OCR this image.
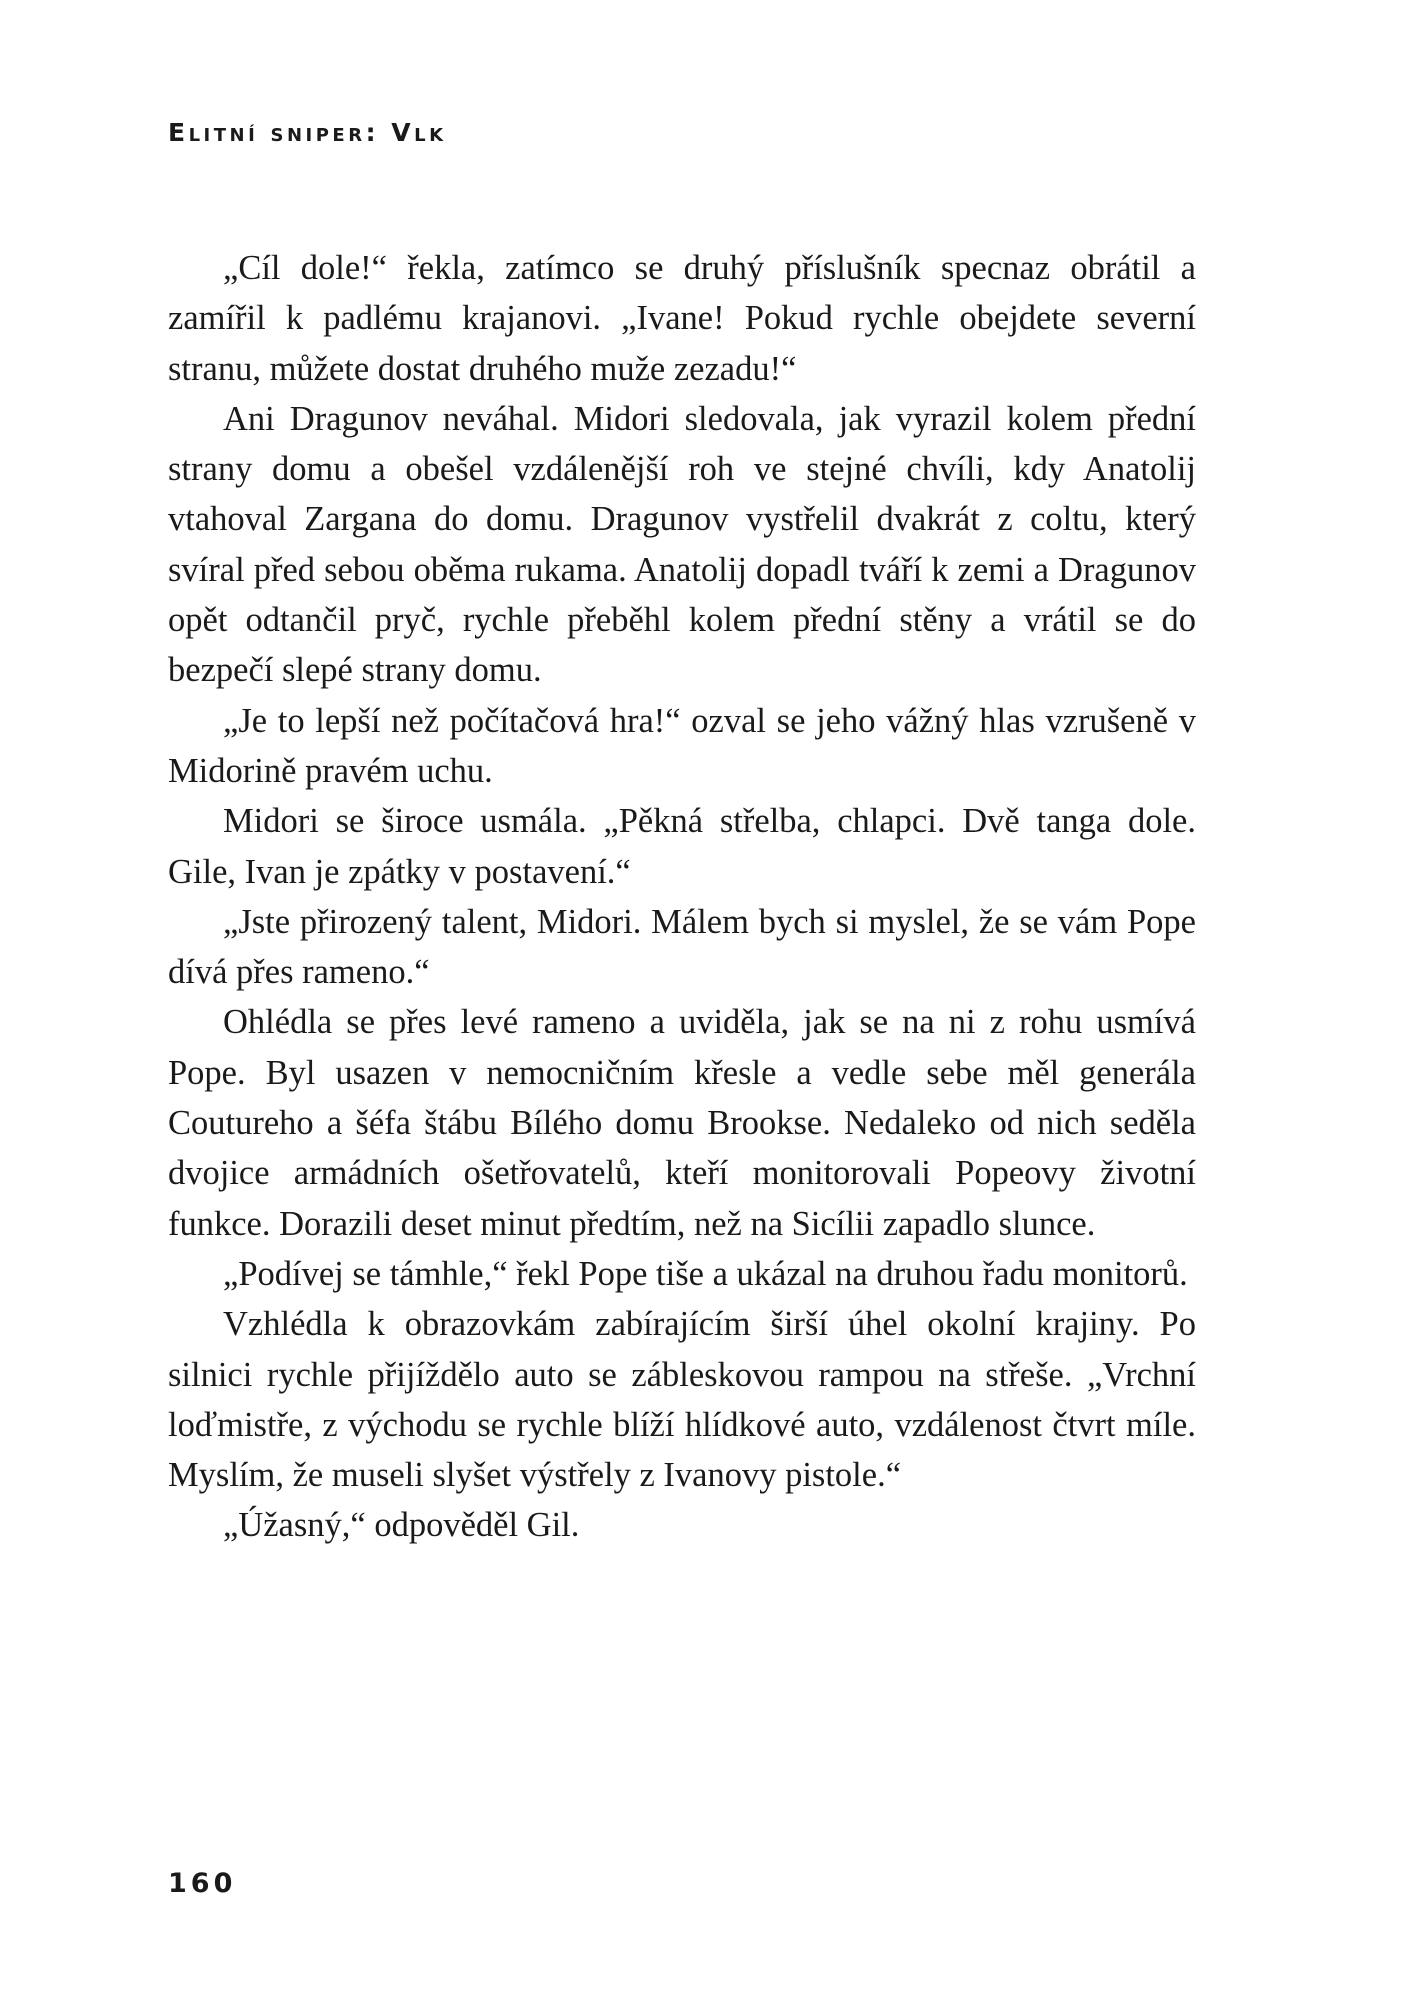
Elitní sniper: Vlk

„Cíl dole!“ řekla, zatímco se druhý příslušník specnaz obrátil a zamířil k padlému krajanovi. „Ivane! Pokud rychle obejdete severní stranu, můžete dostat druhého muže zezadu!“

Ani Dragunov neváhal. Midori sledovala, jak vyrazil kolem přední strany domu a obešel vzdálenější roh ve stejné chvíli, kdy Anatolij vtahoval Zargana do domu. Dragunov vystřelil dvakrát z coltu, který svíral před sebou oběma rukama. Anatolij dopadl tváří k zemi a Dragunov opět odtančil pryč, rychle přeběhl kolem přední stěny a vrátil se do bezpečí slepé strany domu.

„Je to lepší než počítačová hra!“ ozval se jeho vážný hlas vzrušeně v Midorině pravém uchu.

Midori se široce usmála. „Pěkná střelba, chlapci. Dvě tanga dole. Gile, Ivan je zpátky v postavení.“

„Jste přirozený talent, Midori. Málem bych si myslel, že se vám Pope dívá přes rameno.“

Ohlédla se přes levé rameno a uviděla, jak se na ni z rohu usmívá Pope. Byl usazen v nemocničním křesle a vedle sebe měl generála Coutureho a šéfa štábu Bílého domu Brookse. Nedaleko od nich seděla dvojice armádních ošetřovatelů, kteří monitorovali Popeovy životní funkce. Dorazili deset minut předtím, než na Sicílii zapadlo slunce.

„Podívej se támhle,“ řekl Pope tiše a ukázal na druhou řadu monitorů.

Vzhlédla k obrazovkám zabírajícím širší úhel okolní krajiny. Po silnici rychle přijíždělo auto se zábleskovou rampou na střeše. „Vrchní loďmistře, z východu se rychle blíží hlídkové auto, vzdálenost čtvrt míle. Myslím, že museli slyšet výstřely z Ivanovy pistole.“

„Úžasný,“ odpověděl Gil.

160
